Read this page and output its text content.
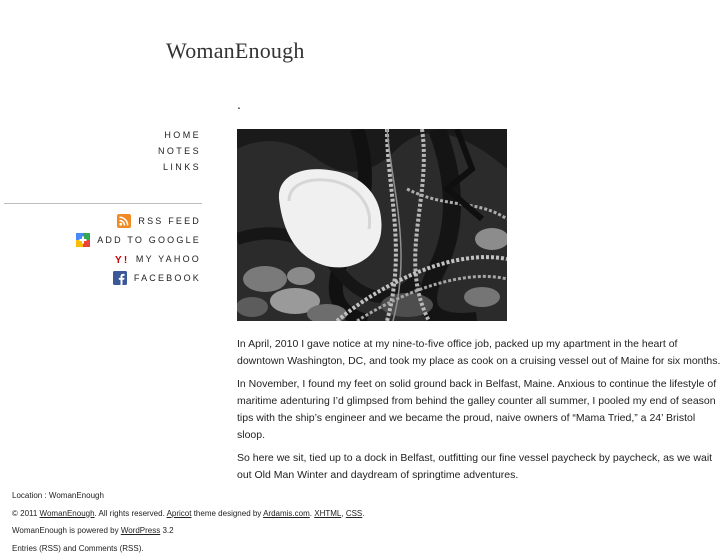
WomanEnough
HOME
NOTES
LINKS
RSS FEED
ADD TO GOOGLE
Y! MY YAHOO
FACEBOOK
.

In April, 2010 I gave notice at my nine-to-five office job, packed up my apartment in the heart of downtown Washington, DC, and took my place as cook on a cruising vessel out of Maine for six months.

In November, I found my feet on solid ground back in Belfast, Maine. Anxious to continue the lifestyle of maritime adenturing I’d glimpsed from behind the galley counter all summer, I pooled my end of season tips with the ship’s engineer and we became the proud, naive owners of “Mama Tried,” a 24’ Bristol sloop.

So here we sit, tied up to a dock in Belfast, outfitting our fine vessel paycheck by paycheck, as we wait out Old Man Winter and daydream of springtime adventures.

Location : WomanEnough
© 2011 WomanEnough. All rights reserved. Apricot theme designed by Ardamis.com. XHTML, CSS.
WomanEnough is powered by WordPress 3.2
Entries (RSS) and Comments (RSS).
